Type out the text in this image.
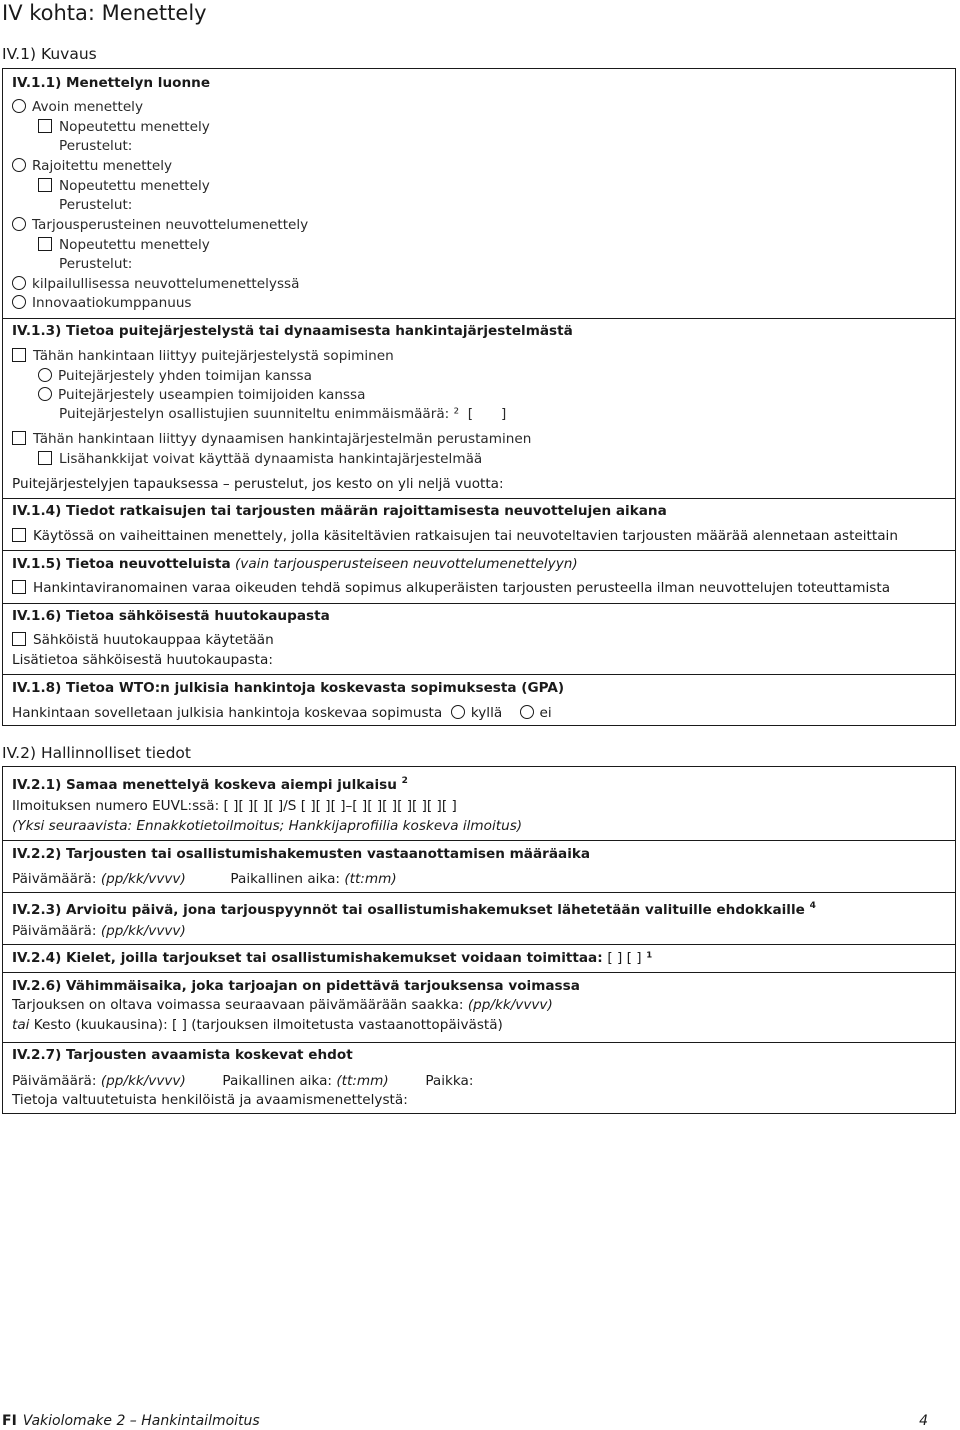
IV kohta: Menettely
IV.1) Kuvaus
IV.1.1) Menettelyn luonne
Avoin menettely
Nopeutettu menettely
Perustelut:
Rajoitettu menettely
Nopeutettu menettely
Perustelut:
Tarjousperusteinen neuvottelumenettely
Nopeutettu menettely
Perustelut:
kilpailullisessa neuvottelumenettelyssä
Innovaatiokumppanuus
IV.1.3) Tietoa puitejärjestelystä tai dynaamisesta hankintajärjestelmästä
Tähän hankintaan liittyy puitejärjestelystä sopiminen
Puitejärjestely yhden toimijan kanssa
Puitejärjestely useampien toimijoiden kanssa
Puitejärjestelyn osallistujien suunniteltu enimmäismäärä: ² [ ]
Tähän hankintaan liittyy dynaamisen hankintajärjestelmän perustaminen
Lisähankkijat voivat käyttää dynaamista hankintajärjestelmää
Puitejärjestelyjen tapauksessa – perustelut, jos kesto on yli neljä vuotta:
IV.1.4) Tiedot ratkaisujen tai tarjousten määrän rajoittamisesta neuvottelujen aikana
Käytössä on vaiheittainen menettely, jolla käsiteltävien ratkaisujen tai neuvoteltavien tarjousten määrää alennetaan asteittain
IV.1.5) Tietoa neuvotteluista (vain tarjousperusteiseen neuvottelumenettelyyn)
Hankintaviranomainen varaa oikeuden tehdä sopimus alkuperäisten tarjousten perusteella ilman neuvottelujen toteuttamista
IV.1.6) Tietoa sähköisestä huutokaupasta
Sähköistä huutokauppaa käytetään
Lisätietoa sähköisestä huutokaupasta:
IV.1.8) Tietoa WTO:n julkisia hankintoja koskevasta sopimuksesta (GPA)
Hankintaan sovelletaan julkisia hankintoja koskevaa sopimusta kyllä	ei
IV.2) Hallinnolliset tiedot
IV.2.1) Samaa menettelyä koskeva aiempi julkaisu $^2$
Ilmoituksen numero EUVL:ssä: [ ][ ][ ][ ]/S [ ][ ][ ]–[ ][ ][ ][ ][ ][ ][ ]
(Yksi seuraavista: Ennakkotietoilmoitus; Hankkijaprofiilia koskeva ilmoitus)
IV.2.2) Tarjousten tai osallistumishakemusten vastaanottamisen määräaika
Päivämäärä: (pp/kk/vvvv)	Paikallinen aika: (tt:mm)
IV.2.3) Arvioitu päivä, jona tarjouspyynnöt tai osallistumishakemukset lähetetään valituille ehdokkaille $^4$
Päivämäärä: (pp/kk/vvvv)
IV.2.4) Kielet, joilla tarjoukset tai osallistumishakemukset voidaan toimittaa: [ ] [ ] ¹
IV.2.6) Vähimmäisaika, joka tarjoajan on pidettävä tarjouksensa voimassa
Tarjouksen on oltava voimassa seuraavaan päivämäärään saakka: (pp/kk/vvvv)
tai Kesto (kuukausina): [ ] (tarjouksen ilmoitetusta vastaanottopäivästä)
IV.2.7) Tarjousten avaamista koskevat ehdot
Päivämäärä: (pp/kk/vvvv)	Paikallinen aika: (tt:mm)	Paikka:
Tietoja valtuutetuista henkilöistä ja avaamismenettelystä:
FI Vakiolomake 2 – Hankintailmoitus	4
